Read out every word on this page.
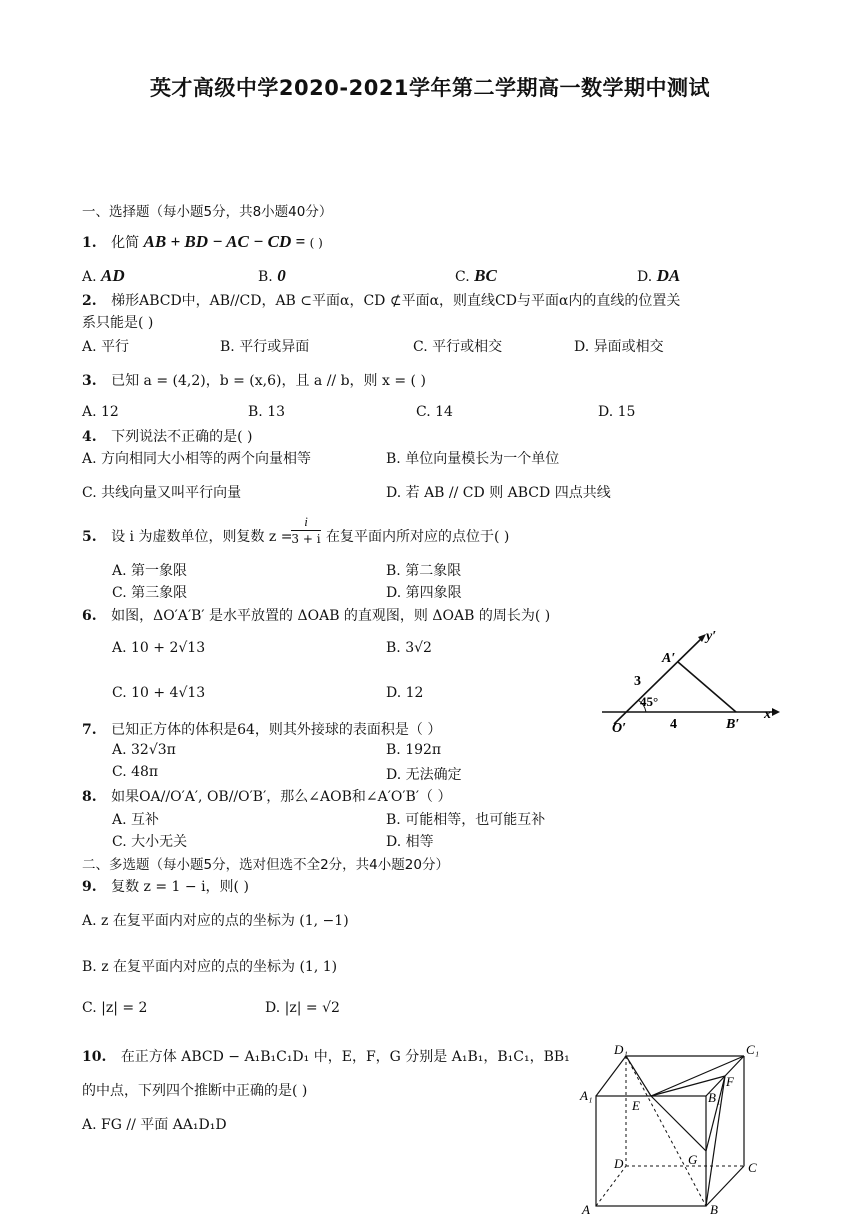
英才高级中学2020-2021学年第二学期高一数学期中测试
一、选择题（每小题5分，共8小题40分）
1. 化简 AB + BD − AC − CD = ( )
A. AD	B. 0	C. BC	D. DA
2. 梯形ABCD中，AB//CD，AB ⊂平面α，CD ⊄平面α，则直线CD与平面α内的直线的位置关
系只能是( )
A. 平行	B. 平行或异面	C. 平行或相交	D. 异面或相交
3. 已知 a = (4,2)，b = (x,6)，且 a // b，则 x = ( )
A. 12	B. 13	C. 14	D. 15
4. 下列说法不正确的是( )
A. 方向相同大小相等的两个向量相等	B. 单位向量模长为一个单位
C. 共线向量又叫平行向量	D. 若 AB // CD 则 ABCD 四点共线
5. 设 i 为虚数单位，则复数 z =
$\frac{i}{3 + i}$ 在复平面内所对应的点位于( )
A. 第一象限	B. 第二象限
C. 第三象限	D. 第四象限
6. 如图，ΔO′A′B′ 是水平放置的 ΔOAB 的直观图，则 ΔOAB 的周长为( )
A. 10 + 2√13	B. 3√2
C. 10 + 4√13	D. 12
y′
A′
3
45°
O′	4	B′
x′
7. 已知正方体的体积是64，则其外接球的表面积是（ ）
A. 32√3π	B. 192π
C. 48π	D. 无法确定
8. 如果OA//O′A′, OB//O′B′，那么∠AOB和∠A′O′B′（ ）
A. 互补	B. 可能相等，也可能互补
C. 大小无关	D. 相等
二、多选题（每小题5分，选对但选不全2分，共4小题20分）
9. 复数 z = 1 − i，则( )
A. z 在复平面内对应的点的坐标为 (1, −1)
B. z 在复平面内对应的点的坐标为 (1, 1)
C. |z| = 2	D. |z| = √2
10. 在正方体 ABCD − A₁B₁C₁D₁ 中，E，F，G 分别是 A₁B₁，B₁C₁，BB₁
的中点，下列四个推断中正确的是( )
A. FG // 平面 AA₁D₁D
D₁	C₁
A₁
E
B₁
F
D	G
C
A	B
